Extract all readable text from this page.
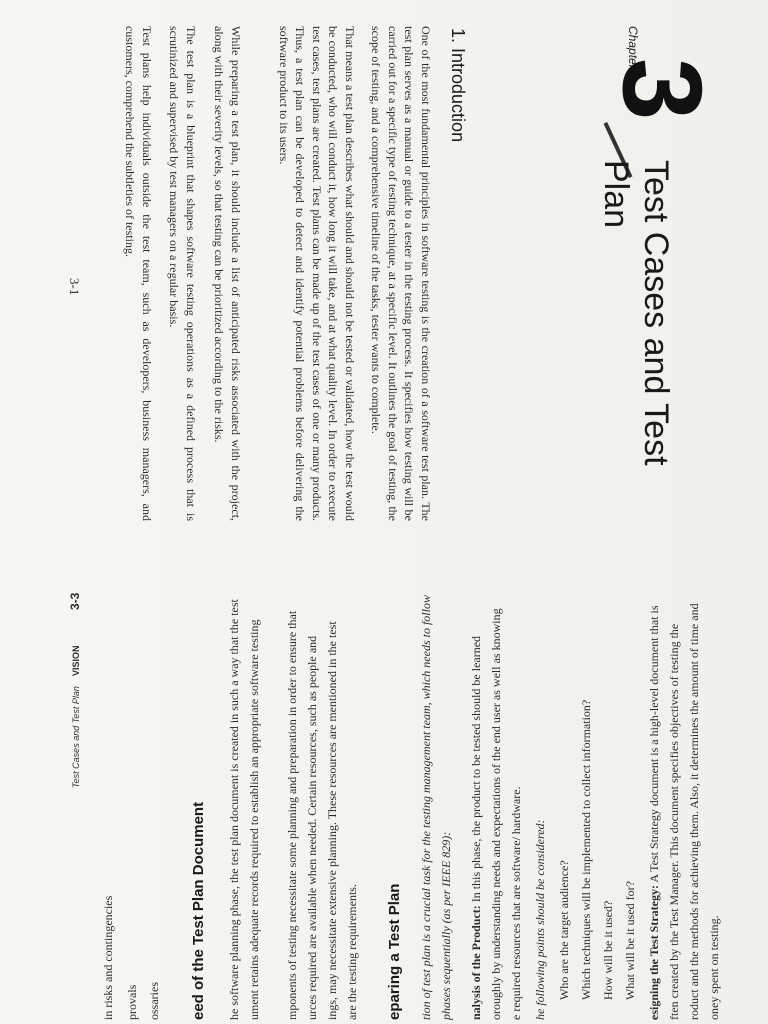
Chapter
3
Test Cases and Test
Plan
1. Introduction
One of the most fundamental principles in software testing is the creation of a software test plan. The test plan serves as a manual or guide to a tester in the testing process. It specifies how testing will be carried out for a specific type of testing technique, at a specific level. It outlines the goal of testing, the scope of testing, and a comprehensive timeline of the tasks, tester wants to complete.
That means a test plan describes what should and should not be tested or validated, how the test would be conducted, who will conduct it, how long it will take, and at what quality level. In order to execute test cases, test plans are created. Test plans can be made up of the test cases of one or many products. Thus, a test plan can be developed to detect and identify potential problems before delivering the software product to its users.
While preparing a test plan, it should include a list of anticipated risks associated with the project, along with their severity levels, so that testing can be prioritized according to the risks.
The test plan is a blueprint that shapes software testing operations as a defined process that is scrutinized and supervised by test managers on a regular basis.
Test plans help individuals outside the test team, such as developers, business managers, and customers, comprehend the subtleties of testing.
3-1
Test Cases and Test Plan
VISION
3-3
in risks and contingencies provals ossaries eed of the Test Plan Document he software planning phase, the test plan document is created in such a way that the test ument retains adequate records required to establish an appropriate software testing mponents of testing necessitate some planning and preparation in order to ensure that urces required are available when needed. Certain resources, such as people and ings, may necessitate extensive planning. These resources are mentioned in the test are the testing requirements. eparing a Test Plan tion of test plan is a crucial task for the testing management team, which needs to follow phases sequentially (as per IEEE 829): nalysis of the Product: In this phase, the product to be tested should be learned oroughly by understanding needs and expectations of the end user as well as knowing e required resources that are software/ hardware. he following points should be considered: Who are the target audience? Which techniques will be implemented to collect information? How will be it used? What will be it used for? esigning the Test Strategy: A Test Strategy document is a high-level document that is ften created by the Test Manager. This document specifies objectives of testing the roduct and the methods for achieving them. Also, it determines the amount of time and oney spent on testing.
